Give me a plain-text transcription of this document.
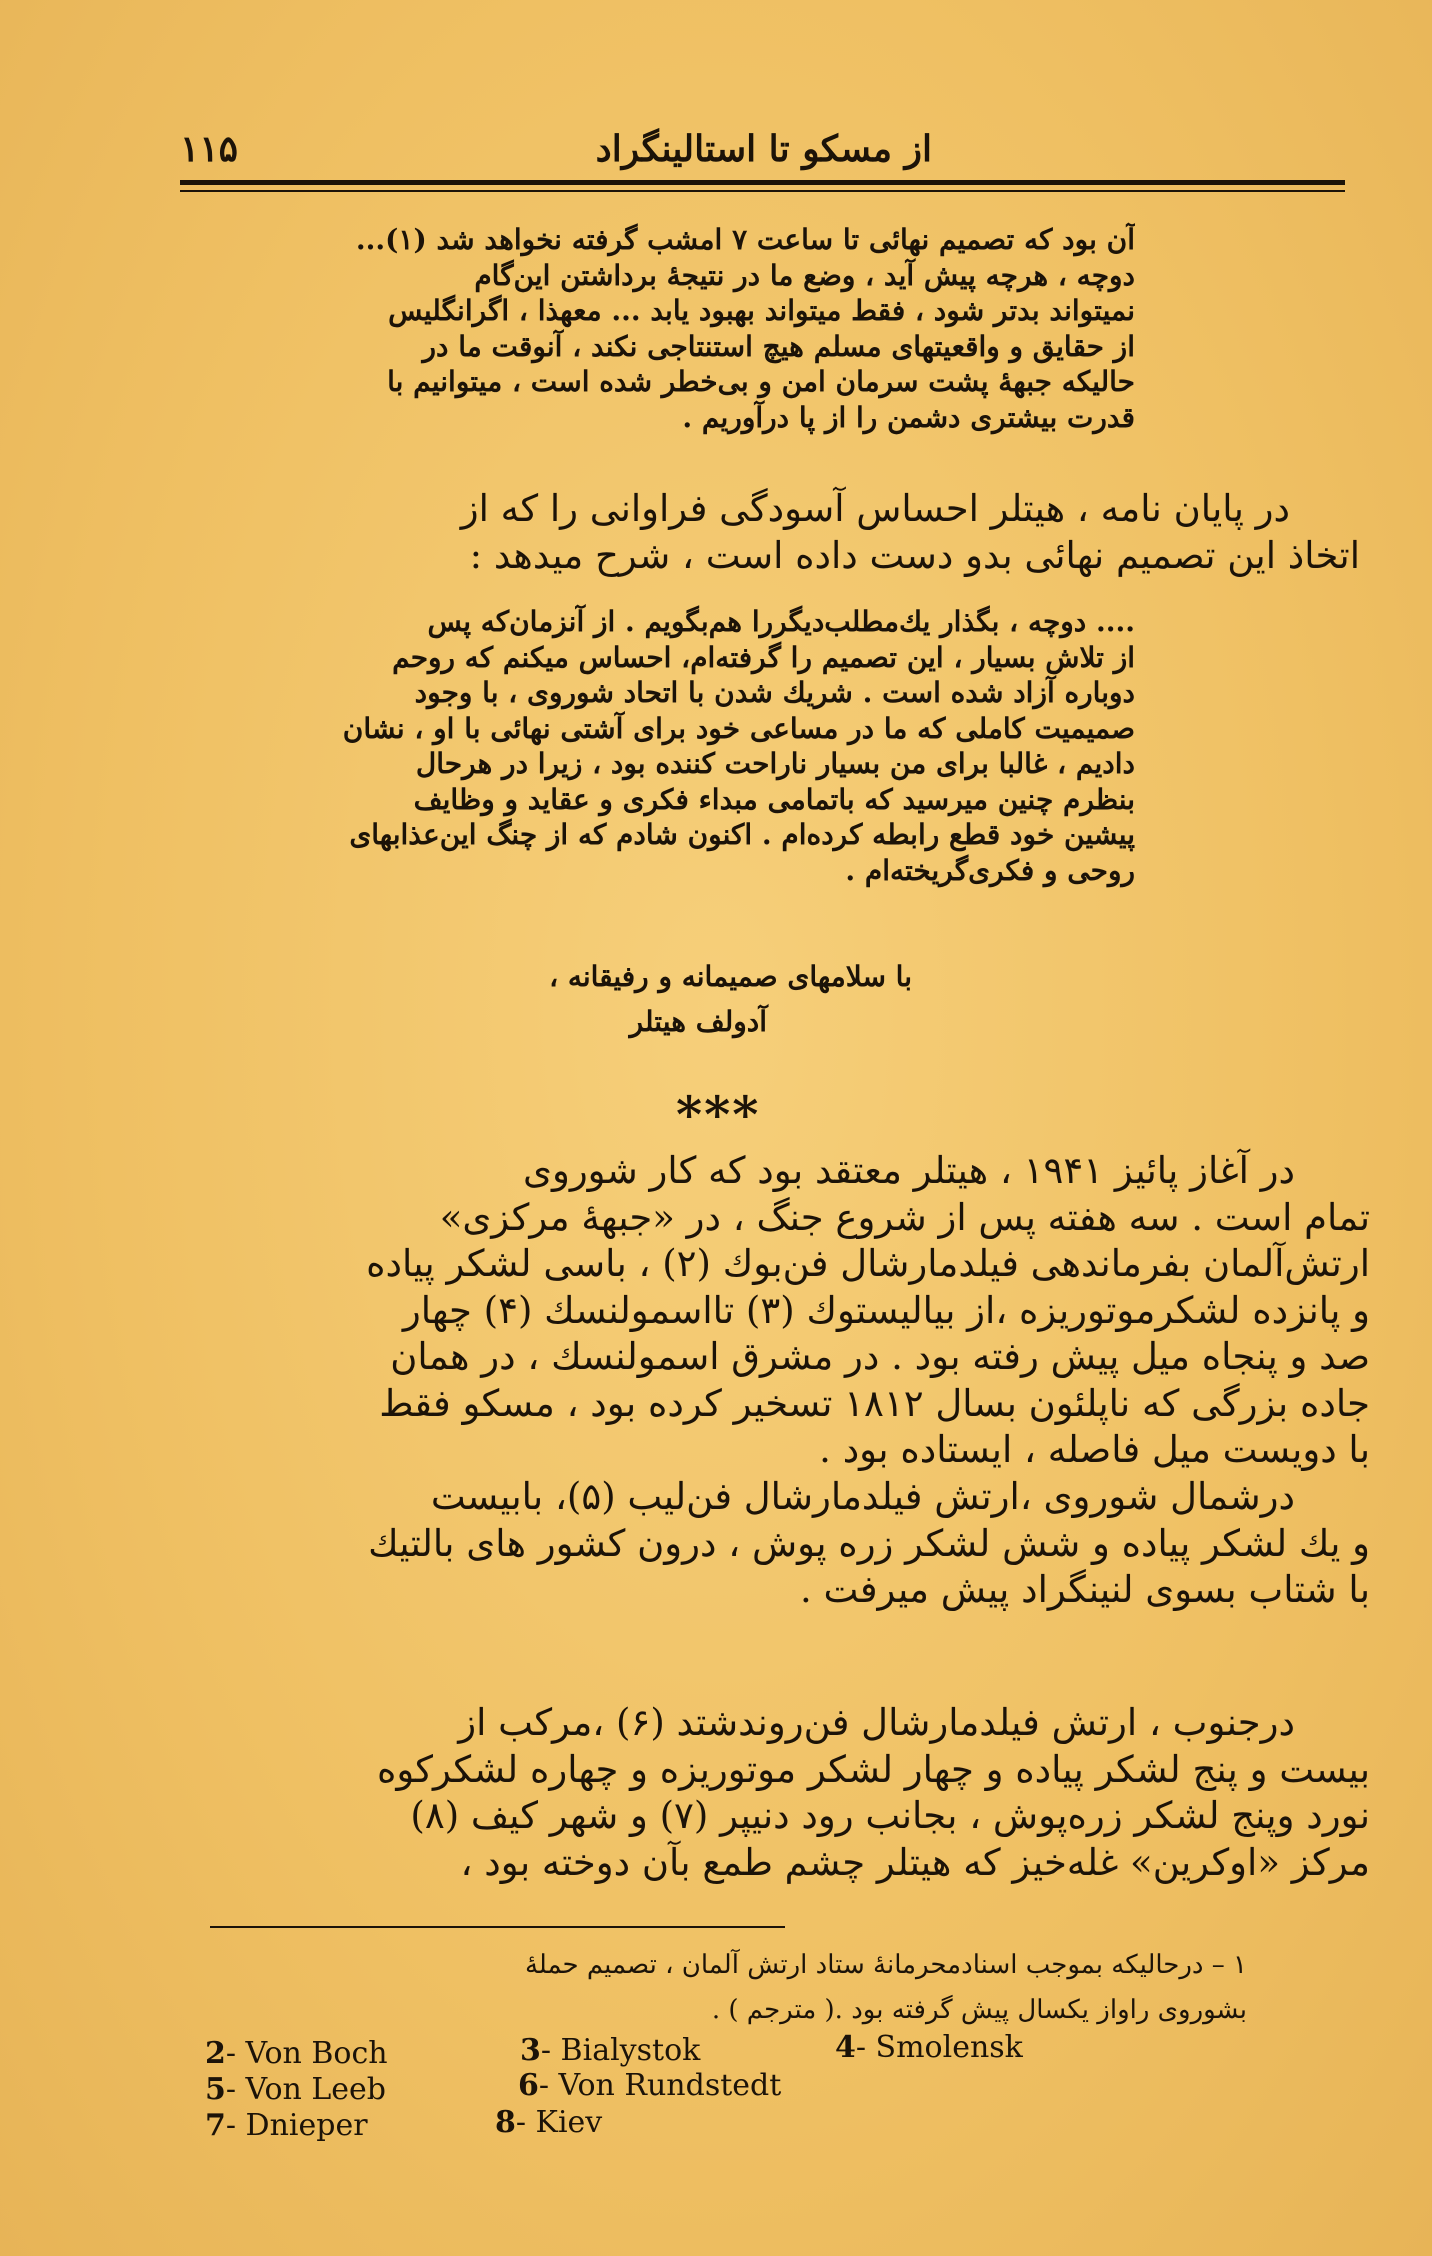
از مسکو تا استالینگراد
۱۱۵
آن بود که تصمیم نهائی تا ساعت ۷ امشب گرفته نخواهد شد (۱)...
دوچه ، هرچه پیش آید ، وضع ما در نتیجهٔ برداشتن این‌گام
نمیتواند بدتر شود ، فقط میتواند بهبود یابد ... معهذا ، اگرانگلیس
از حقایق و واقعیتهای مسلم هیچ استنتاجی نکند ، آنوقت ما در
حالیکه جبههٔ پشت سرمان امن و بی‌خطر شده است ، میتوانیم با
قدرت بیشتری دشمن را از پا درآوریم .
در پایان نامه ، هیتلر احساس آسودگی فراوانی را که از
اتخاذ این تصمیم نهائی بدو دست داده است ، شرح میدهد :
.... دوچه ، بگذار یك‌مطلب‌دیگررا هم‌بگویم . از آنزمان‌که پس
از تلاش بسیار ، این تصمیم را گرفته‌ام، احساس میکنم که روحم
دوباره آزاد شده است . شریك شدن با اتحاد شوروی ، با وجود
صمیمیت کاملی که ما در مساعی خود برای آشتی نهائی با او ، نشان
دادیم ، غالبا برای من بسیار ناراحت کننده بود ، زیرا در هرحال
بنظرم چنین میرسید که باتمامی مبداء فکری و عقاید و وظایف
پیشین خود قطع رابطه کرده‌ام . اکنون شادم که از چنگ این‌عذابهای
روحی و فکری‌گریخته‌ام .
با سلامهای صمیمانه و رفیقانه ،
آدولف هیتلر
***
در آغاز پائیز ۱۹۴۱ ، هیتلر معتقد بود که کار شوروی
تمام است . سه هفته پس از شروع جنگ ، در «جبههٔ مرکزی»
ارتش‌آلمان بفرماندهی فیلدمارشال فن‌بوك (۲) ، باسی لشکر پیاده
و پانزده لشکرموتوریزه ،از بیالیستوك (۳) تااسمولنسك (۴) چهار
صد و پنجاه میل پیش رفته بود . در مشرق اسمولنسك ، در همان
جاده بزرگی که ناپلئون بسال ۱۸۱۲ تسخیر کرده بود ، مسکو فقط
با دویست میل فاصله ، ایستاده بود .
درشمال شوروی ،ارتش فیلدمارشال فن‌لیب (۵)، بابیست
و یك لشکر پیاده و شش لشکر زره پوش ، درون کشور های بالتیك
با شتاب بسوی لنینگراد پیش میرفت .
درجنوب ، ارتش فیلدمارشال فن‌روندشتد (۶) ،مرکب از
بیست و پنج لشکر پیاده و چهار لشکر موتوریزه و چهاره لشکرکوه
نورد وپنج لشکر زره‌پوش ، بجانب رود دنیپر (۷) و شهر کیف (۸)
مرکز «اوکرین» غله‌خیز که هیتلر چشم طمع بآن دوخته بود ،
۱ – درحالیکه بموجب اسنادمحرمانهٔ ستاد ارتش آلمان ، تصمیم حملهٔ
بشوروی راواز یکسال پیش گرفته بود .( مترجم ) .
2- Von Boch	3- Bialystok	4- Smolensk
5- Von Leeb	6- Von Rundstedt
7- Dnieper	8- Kiev
